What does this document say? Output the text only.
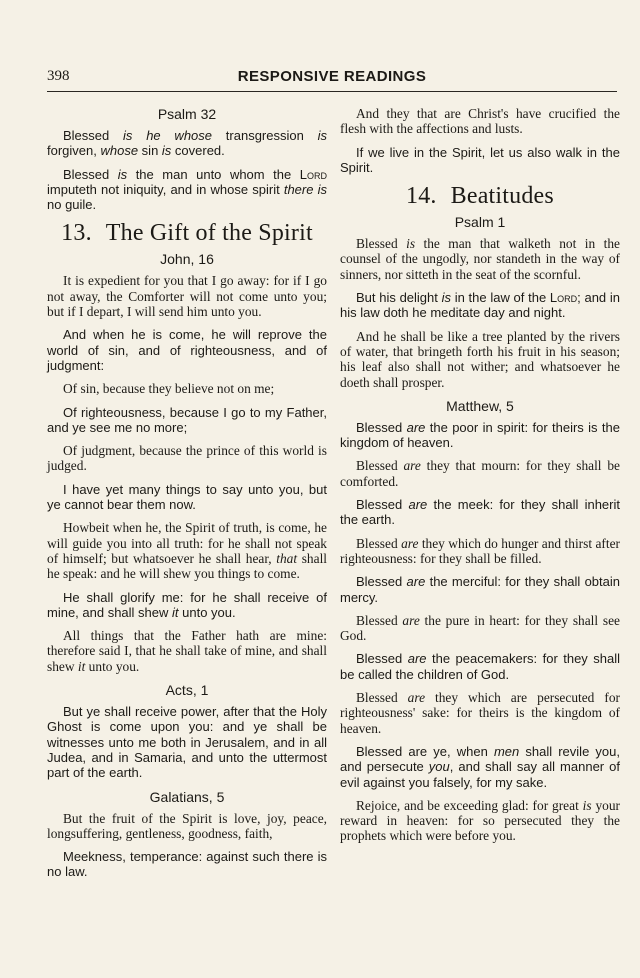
398	RESPONSIVE READINGS
Psalm 32

Blessed is he whose transgression is forgiven, whose sin is covered.

Blessed is the man unto whom the Lord imputeth not iniquity, and in whose spirit there is no guile.

13. The Gift of the Spirit
John, 16

It is expedient for you that I go away: for if I go not away, the Comforter will not come unto you; but if I depart, I will send him unto you.

And when he is come, he will reprove the world of sin, and of righteousness, and of judgment:

Of sin, because they believe not on me;

Of righteousness, because I go to my Father, and ye see me no more;

Of judgment, because the prince of this world is judged.

I have yet many things to say unto you, but ye cannot bear them now.

Howbeit when he, the Spirit of truth, is come, he will guide you into all truth: for he shall not speak of himself; but whatsoever he shall hear, that shall he speak: and he will shew you things to come.

He shall glorify me: for he shall receive of mine, and shall shew it unto you.

All things that the Father hath are mine: therefore said I, that he shall take of mine, and shall shew it unto you.

Acts, 1

But ye shall receive power, after that the Holy Ghost is come upon you: and ye shall be witnesses unto me both in Jerusalem, and in all Judea, and in Samaria, and unto the uttermost part of the earth.

Galatians, 5

But the fruit of the Spirit is love, joy, peace, longsuffering, gentleness, goodness, faith,

Meekness, temperance: against such there is no law.

And they that are Christ's have crucified the flesh with the affections and lusts.

If we live in the Spirit, let us also walk in the Spirit.

14. Beatitudes
Psalm 1

Blessed is the man that walketh not in the counsel of the ungodly, nor standeth in the way of sinners, nor sitteth in the seat of the scornful.

But his delight is in the law of the Lord; and in his law doth he meditate day and night.

And he shall be like a tree planted by the rivers of water, that bringeth forth his fruit in his season; his leaf also shall not wither; and whatsoever he doeth shall prosper.

Matthew, 5

Blessed are the poor in spirit: for theirs is the kingdom of heaven.

Blessed are they that mourn: for they shall be comforted.

Blessed are the meek: for they shall inherit the earth.

Blessed are they which do hunger and thirst after righteousness: for they shall be filled.

Blessed are the merciful: for they shall obtain mercy.

Blessed are the pure in heart: for they shall see God.

Blessed are the peacemakers: for they shall be called the children of God.

Blessed are they which are persecuted for righteousness' sake: for theirs is the kingdom of heaven.

Blessed are ye, when men shall revile you, and persecute you, and shall say all manner of evil against you falsely, for my sake.

Rejoice, and be exceeding glad: for great is your reward in heaven: for so persecuted they the prophets which were before you.
